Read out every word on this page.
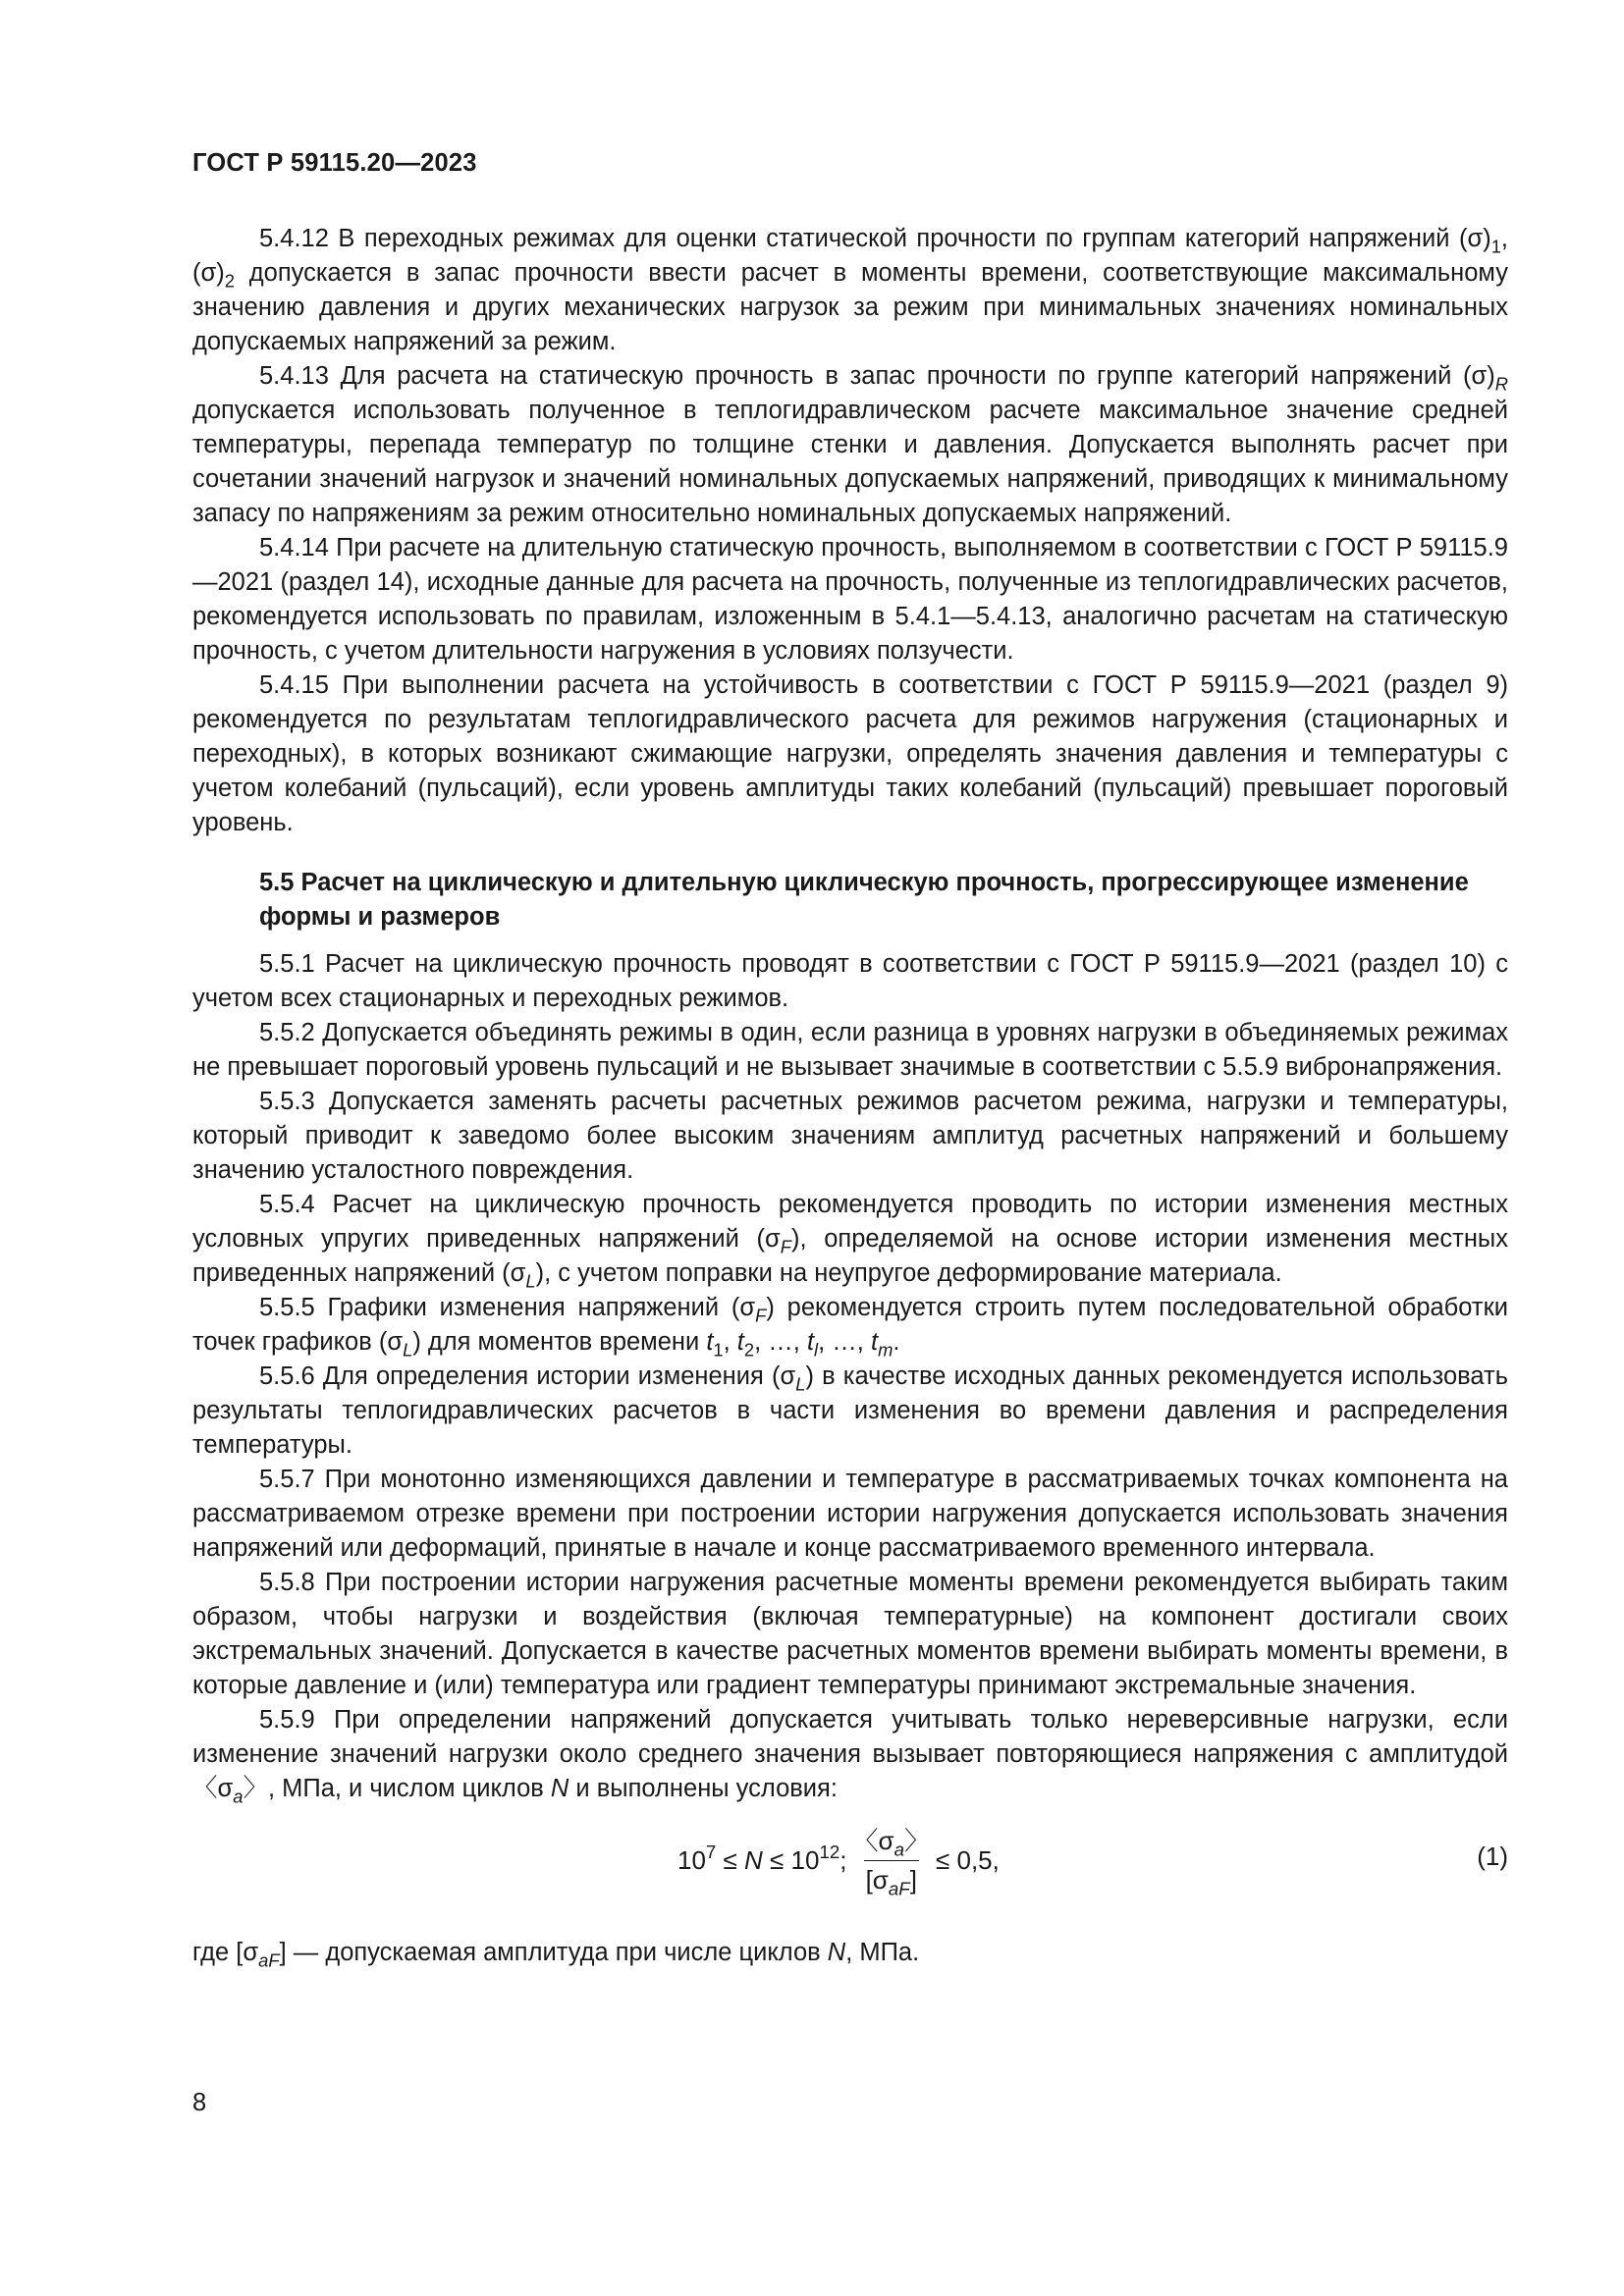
ГОСТ Р 59115.20—2023

5.4.12 В переходных режимах для оценки статической прочности по группам категорий напряжений $(\sigma)_1$, $(\sigma)_2$ допускается в запас прочности ввести расчет в моменты времени, соответствующие максимальному значению давления и других механических нагрузок за режим при минимальных значениях номинальных допускаемых напряжений за режим.

5.4.13 Для расчета на статическую прочность в запас прочности по группе категорий напряжений $(\sigma)_R$ допускается использовать полученное в теплогидравлическом расчете максимальное значение средней температуры, перепада температур по толщине стенки и давления. Допускается выполнять расчет при сочетании значений нагрузок и значений номинальных допускаемых напряжений, приводящих к минимальному запасу по напряжениям за режим относительно номинальных допускаемых напряжений.

5.4.14 При расчете на длительную статическую прочность, выполняемом в соответствии с ГОСТ Р 59115.9—2021 (раздел 14), исходные данные для расчета на прочность, полученные из теплогидравлических расчетов, рекомендуется использовать по правилам, изложенным в 5.4.1—5.4.13, аналогично расчетам на статическую прочность, с учетом длительности нагружения в условиях ползучести.

5.4.15 При выполнении расчета на устойчивость в соответствии с ГОСТ Р 59115.9—2021 (раздел 9) рекомендуется по результатам теплогидравлического расчета для режимов нагружения (стационарных и переходных), в которых возникают сжимающие нагрузки, определять значения давления и температуры с учетом колебаний (пульсаций), если уровень амплитуды таких колебаний (пульсаций) превышает пороговый уровень.

5.5 Расчет на циклическую и длительную циклическую прочность, прогрессирующее изменение формы и размеров

5.5.1 Расчет на циклическую прочность проводят в соответствии с ГОСТ Р 59115.9—2021 (раздел 10) с учетом всех стационарных и переходных режимов.

5.5.2 Допускается объединять режимы в один, если разница в уровнях нагрузки в объединяемых режимах не превышает пороговый уровень пульсаций и не вызывает значимые в соответствии с 5.5.9 вибронапряжения.

5.5.3 Допускается заменять расчеты расчетных режимов расчетом режима, нагрузки и температуры, который приводит к заведомо более высоким значениям амплитуд расчетных напряжений и большему значению усталостного повреждения.

5.5.4 Расчет на циклическую прочность рекомендуется проводить по истории изменения местных условных упругих приведенных напряжений $(\sigma_F)$, определяемой на основе истории изменения местных приведенных напряжений $(\sigma_L)$, с учетом поправки на неупругое деформирование материала.

5.5.5 Графики изменения напряжений $(\sigma_F)$ рекомендуется строить путем последовательной обработки точек графиков $(\sigma_L)$ для моментов времени $t_1$, $t_2$, …, $t_l$, …, $t_m$.

5.5.6 Для определения истории изменения $(\sigma_L)$ в качестве исходных данных рекомендуется использовать результаты теплогидравлических расчетов в части изменения во времени давления и распределения температуры.

5.5.7 При монотонно изменяющихся давлении и температуре в рассматриваемых точках компонента на рассматриваемом отрезке времени при построении истории нагружения допускается использовать значения напряжений или деформаций, принятые в начале и конце рассматриваемого временного интервала.

5.5.8 При построении истории нагружения расчетные моменты времени рекомендуется выбирать таким образом, чтобы нагрузки и воздействия (включая температурные) на компонент достигали своих экстремальных значений. Допускается в качестве расчетных моментов времени выбирать моменты времени, в которые давление и (или) температура или градиент температуры принимают экстремальные значения.

5.5.9 При определении напряжений допускается учитывать только нереверсивные нагрузки, если изменение значений нагрузки около среднего значения вызывает повторяющиеся напряжения с амплитудой 〈$\sigma_a$〉, МПа, и числом циклов N и выполнены условия:

$10^7 \le N \le 10^{12}$; $\frac{〈\sigma_a〉}{[\sigma_{aF}]} \le 0,5$,	(1)

где $[\sigma_{aF}]$ — допускаемая амплитуда при числе циклов N, МПа.

8
